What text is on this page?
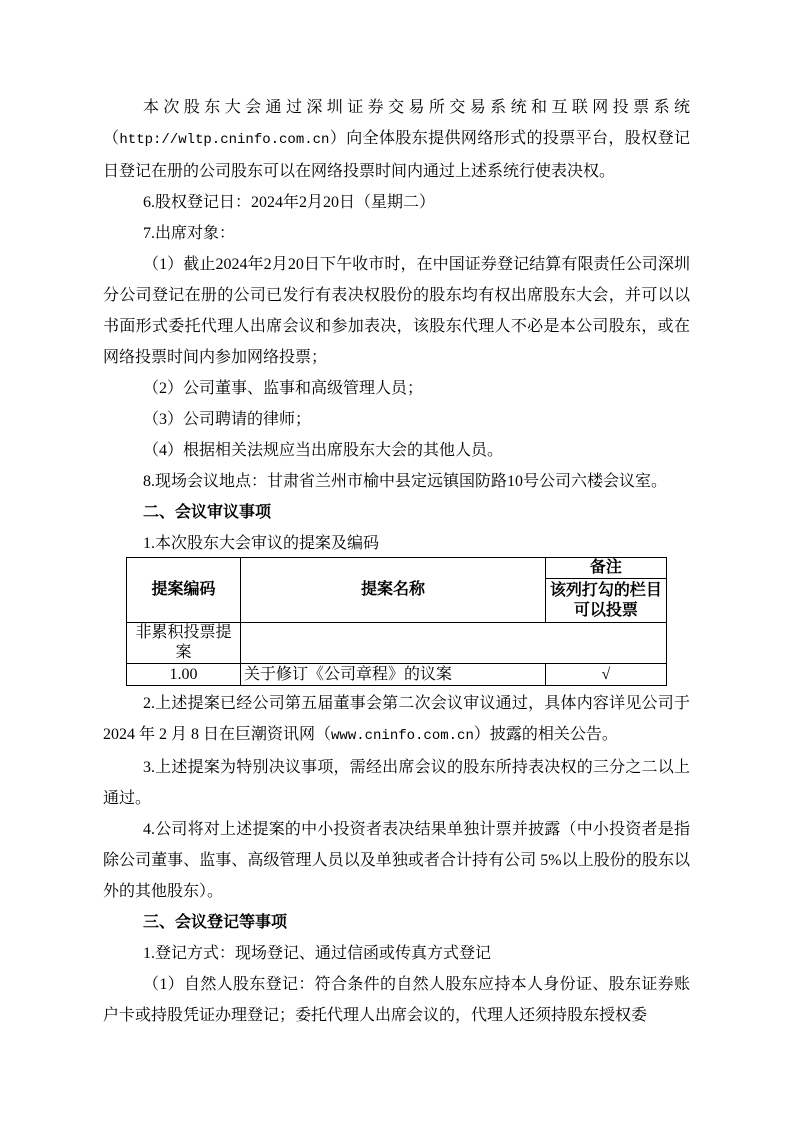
本次股东大会通过深圳证券交易所交易系统和互联网投票系统（http://wltp.cninfo.com.cn）向全体股东提供网络形式的投票平台，股权登记日登记在册的公司股东可以在网络投票时间内通过上述系统行使表决权。

6.股权登记日：2024年2月20日（星期二）

7.出席对象：

（1）截止2024年2月20日下午收市时，在中国证券登记结算有限责任公司深圳分公司登记在册的公司已发行有表决权股份的股东均有权出席股东大会，并可以以书面形式委托代理人出席会议和参加表决，该股东代理人不必是本公司股东，或在网络投票时间内参加网络投票；

（2）公司董事、监事和高级管理人员；

（3）公司聘请的律师；

（4）根据相关法规应当出席股东大会的其他人员。

8.现场会议地点：甘肃省兰州市榆中县定远镇国防路10号公司六楼会议室。

二、会议审议事项

1.本次股东大会审议的提案及编码

提案编码	提案名称	备注
		该列打勾的栏目可以投票
非累积投票提案		
1.00	关于修订《公司章程》的议案	√

2.上述提案已经公司第五届董事会第二次会议审议通过，具体内容详见公司于 2024 年 2 月 8 日在巨潮资讯网（www.cninfo.com.cn）披露的相关公告。

3.上述提案为特别决议事项，需经出席会议的股东所持表决权的三分之二以上通过。

4.公司将对上述提案的中小投资者表决结果单独计票并披露（中小投资者是指除公司董事、监事、高级管理人员以及单独或者合计持有公司 5%以上股份的股东以外的其他股东）。

三、会议登记等事项

1.登记方式：现场登记、通过信函或传真方式登记

（1）自然人股东登记：符合条件的自然人股东应持本人身份证、股东证券账户卡或持股凭证办理登记；委托代理人出席会议的，代理人还须持股东授权委
